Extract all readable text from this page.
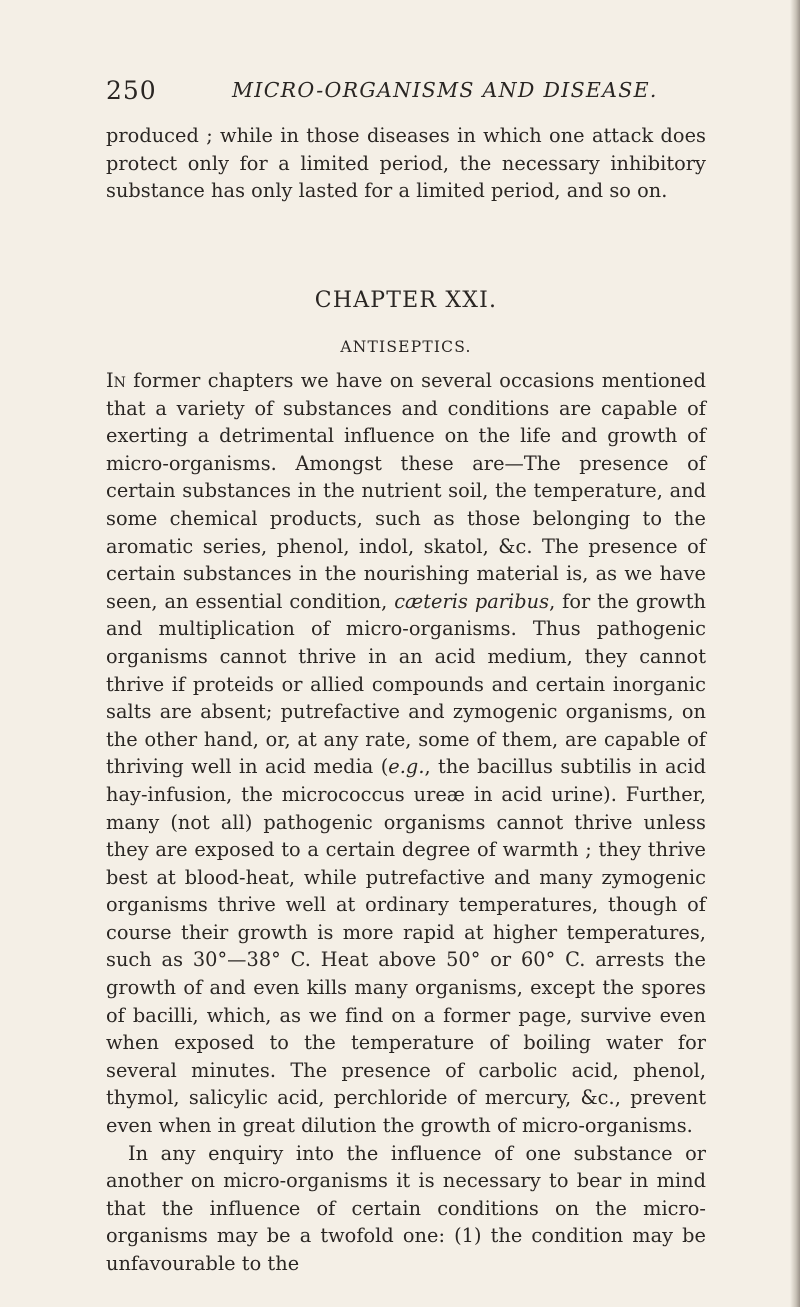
250	MICRO-ORGANISMS AND DISEASE.

produced ; while in those diseases in which one attack does protect only for a limited period, the necessary inhibitory substance has only lasted for a limited period, and so on.

CHAPTER XXI.
ANTISEPTICS.

In former chapters we have on several occasions mentioned that a variety of substances and conditions are capable of exerting a detrimental influence on the life and growth of micro-organisms. Amongst these are—The presence of certain substances in the nutrient soil, the temperature, and some chemical products, such as those belonging to the aromatic series, phenol, indol, skatol, &c. The presence of certain substances in the nourishing material is, as we have seen, an essential condition, cæteris paribus, for the growth and multiplication of micro-organisms. Thus pathogenic organisms cannot thrive in an acid medium, they cannot thrive if proteids or allied compounds and certain inorganic salts are absent; putrefactive and zymogenic organisms, on the other hand, or, at any rate, some of them, are capable of thriving well in acid media (e.g., the bacillus subtilis in acid hay-infusion, the micrococcus ureæ in acid urine). Further, many (not all) pathogenic organisms cannot thrive unless they are exposed to a certain degree of warmth ; they thrive best at blood-heat, while putrefactive and many zymogenic organisms thrive well at ordinary temperatures, though of course their growth is more rapid at higher temperatures, such as 30°—38° C. Heat above 50° or 60° C. arrests the growth of and even kills many organisms, except the spores of bacilli, which, as we find on a former page, survive even when exposed to the temperature of boiling water for several minutes. The presence of carbolic acid, phenol, thymol, salicylic acid, perchloride of mercury, &c., prevent even when in great dilution the growth of micro-organisms.

In any enquiry into the influence of one substance or another on micro-organisms it is necessary to bear in mind that the influence of certain conditions on the micro-organisms may be a twofold one: (1) the condition may be unfavourable to the
